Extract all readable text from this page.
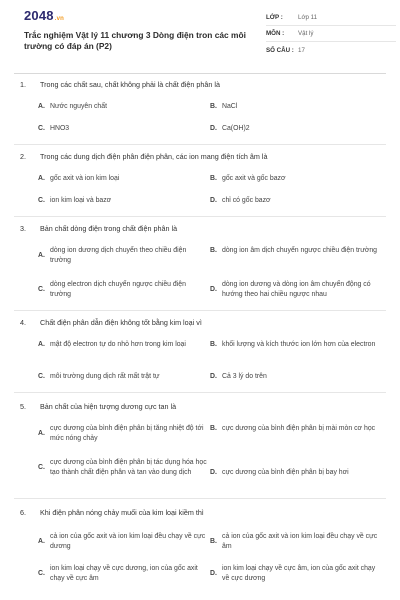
2048.vn
Trắc nghiệm Vật lý 11 chương 3 Dòng điện tron các môi trường có đáp án (P2)
LỚP :	Lớp 11
MÔN :	Vật lý
SỐ CÂU : 17
1. Trong các chất sau, chất không phải là chất điện phân là
A. Nước nguyên chất	B. NaCl
C. HNO3	D. Ca(OH)2
2. Trong các dung dịch điện phân điện phân, các ion mang điện tích âm là
A. gốc axit và ion kim loại	B. gốc axit và gốc bazơ
C. ion kim loại và bazơ	D. chỉ có gốc bazơ
3. Bản chất dòng điện trong chất điện phân là
A.
dòng ion dương dịch chuyển theo chiều điện trường
B. dòng ion âm dịch chuyển ngược chiều điện trường
C.
dòng electron dịch chuyển ngược chiều điện trường
D.
dòng ion dương và dòng ion âm chuyển động có hướng theo hai chiều ngược nhau
4. Chất điện phân dẫn điện không tốt bằng kim loại vì
A. mật độ electron tự do nhỏ hơn trong kim loại	B. khối lượng và kích thước ion lớn hơn của electron
C. môi trường dung dịch rất mất trật tự	D. Cả 3 lý do trên
5. Bản chất của hiện tượng dương cực tan là
A.
cực dương của bình điện phân bị tăng nhiệt độ tới mức nóng chảy
B. cực dương của bình điện phân bị mài mòn cơ học
C.
cực dương của bình điện phân bị tác dụng hóa học tạo thành chất điện phân và tan vào dung dịch	D. cực dương của bình điện phân bị bay hơi
6. Khi điện phân nóng chảy muối của kim loại kiềm thì
A.
cả ion của gốc axit và ion kim loại đều chạy về cực dương
B.
cả ion của gốc axit và ion kim loại đều chạy về cực âm
C.
ion kim loại chạy về cực dương, ion của gốc axit chạy về cực âm
D.
ion kim loại chạy về cực âm, ion của gốc axit chạy về cực dương
